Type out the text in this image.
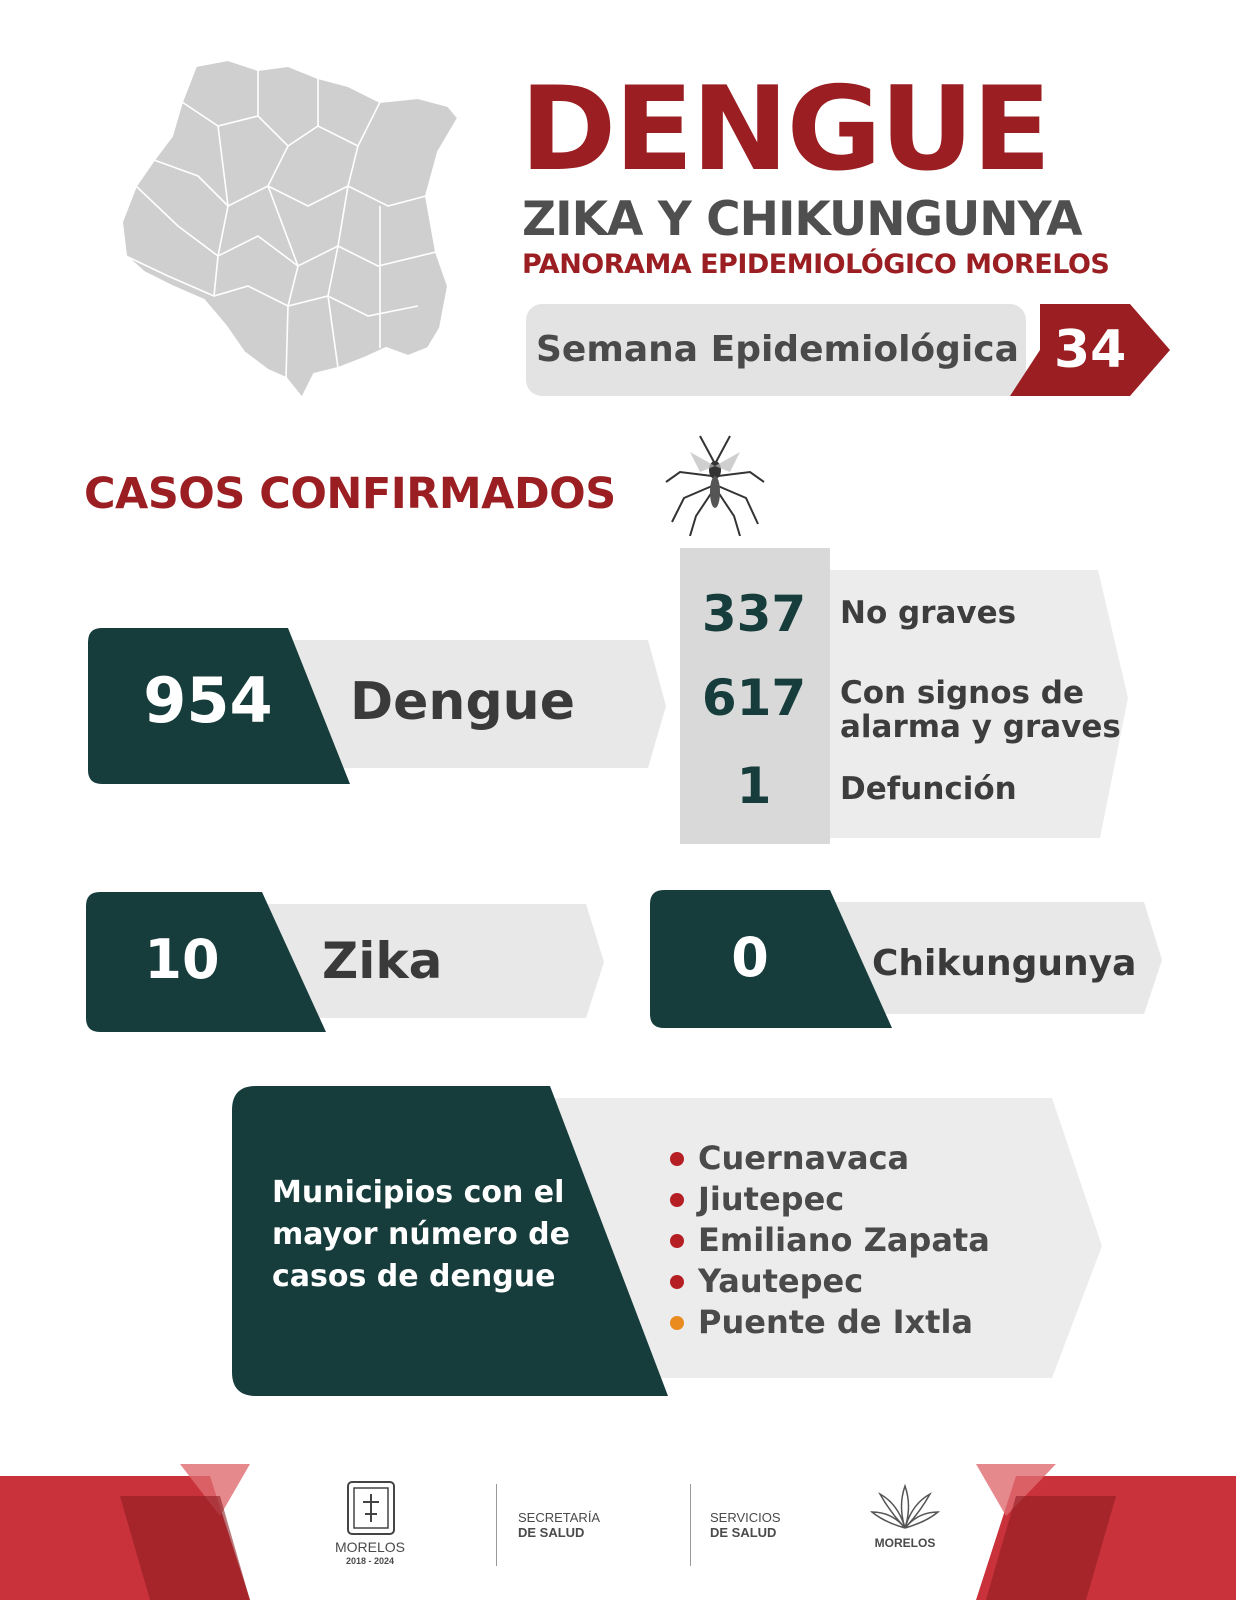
DENGUE
ZIKA Y CHIKUNGUNYA
PANORAMA EPIDEMIOLÓGICO MORELOS
Semana Epidemiológica 34
CASOS CONFIRMADOS
954	Dengue
337	No graves
617	Con signos de alarma y graves
1	Defunción
10	Zika	0	Chikungunya
Municipios con el mayor número de casos de dengue
Cuernavaca
Jiutepec
Emiliano Zapata
Yautepec
Puente de Ixtla
MORELOS
2018 - 2024
SECRETARÍA
DE SALUD
SERVICIOS
DE SALUD
MORELOS
